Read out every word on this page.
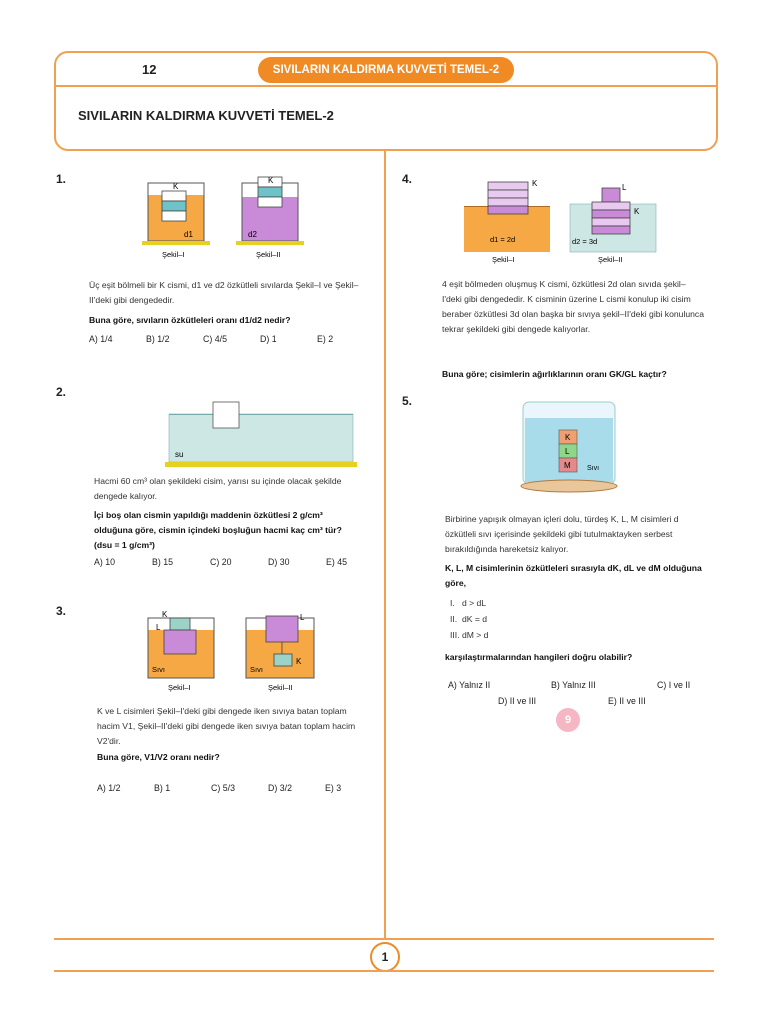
12	SIVILARIN KALDIRMA KUVVETİ TEMEL-2
SIVILARIN KALDIRMA KUVVETİ TEMEL-2
1.
K
K
d1	d2
Şekil–I	Şekil–II
Üç eşit bölmeli bir K cismi, d1 ve d2 özkütleli sıvılarda Şekil–I ve Şekil–II'deki gibi dengededir.
Buna göre, sıvıların özkütleleri oranı d1/d2 nedir?
A) 1/4	B) 1/2	C) 4/5	D) 1	E) 2
2.
su
Hacmi 60 cm³ olan şekildeki cisim, yarısı su içinde olacak şekilde dengede kalıyor.
İçi boş olan cismin yapıldığı maddenin özkütlesi 2 g/cm³ olduğuna göre, cismin içindeki boşluğun hacmi kaç cm³ tür? (dsu = 1 g/cm³)
A) 10	B) 15	C) 20	D) 30	E) 45
3.	K
L
Sıvı
Şekil–I
L
K
Sıvı
Şekil–II
K ve L cisimleri Şekil–I'deki gibi dengede iken sıvıya batan toplam hacim V1, Şekil–II'deki gibi dengede iken sıvıya batan toplam hacim V2'dir.
Buna göre, V1/V2 oranı nedir?
A) 1/2	B) 1	C) 5/3	D) 3/2	E) 3
4.	K
d1 = 2d
Şekil–I
L
K
d2 = 3d
Şekil–II
4 eşit bölmeden oluşmuş K cismi, özkütlesi 2d olan sıvıda şekil–I'deki gibi dengededir. K cisminin üzerine L cismi konulup iki cisim beraber özkütlesi 3d olan başka bir sıvıya şekil–II'deki gibi konulunca tekrar şekildeki gibi dengede kalıyorlar.
Buna göre; cisimlerin ağırlıklarının oranı GK/GL kaçtır?
5.
K
L
M Sıvı
Birbirine yapışık olmayan içleri dolu, türdeş K, L, M cisimleri d özkütleli sıvı içerisinde şekildeki gibi tutulmaktayken serbest bırakıldığında hareketsiz kalıyor.
K, L, M cisimlerinin özkütleleri sırasıyla dK, dL ve dM olduğuna göre,
I.   d > dL
II.  dK = d
III. dM > d
karşılaştırmalarından hangileri doğru olabilir?
A) Yalnız II	B) Yalnız III	C) I ve II
D) II ve III	E) II ve III
9
1
